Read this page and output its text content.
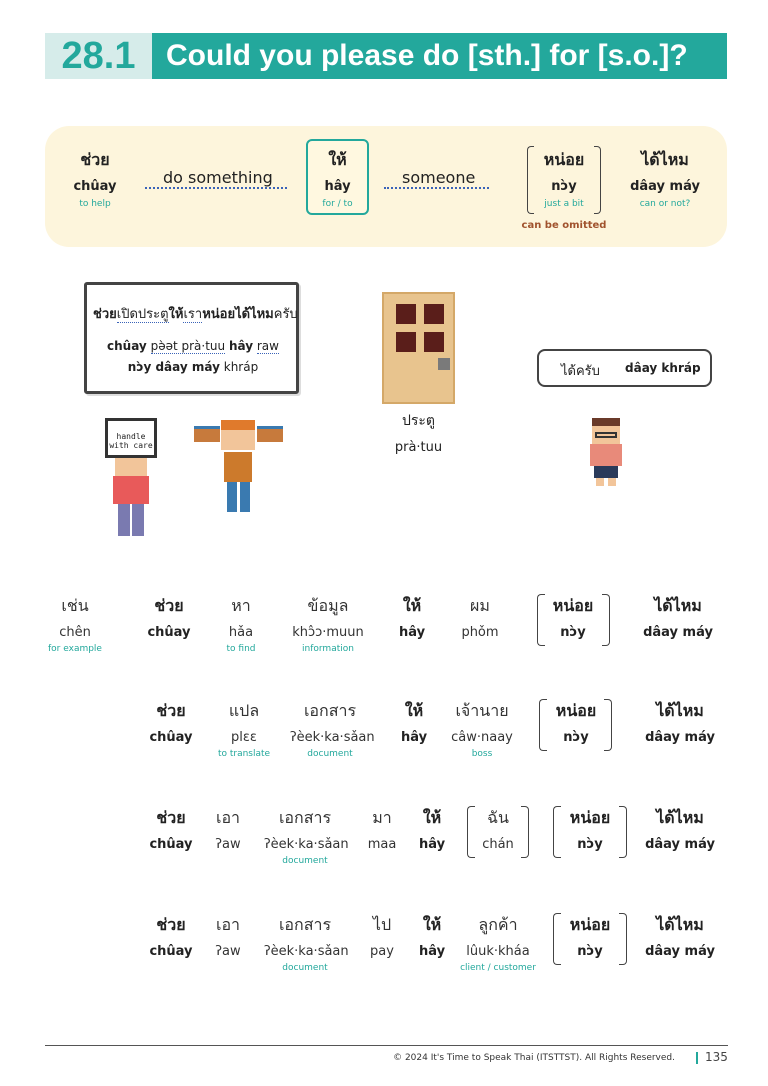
28.1	Could you please do [sth.] for [s.o.]?
ช่วย
chûay
to help
do something
ให้
hây
for / to
someone
หน่อย
nɔ̀y
just a bit
can be omitted
ได้ไหม
dâay máy
can or not?
ช่วยเปิดประตูให้เราหน่อยได้ไหมครับ
chûay pə̀ət prà·tuu hây raw
nɔ̀y dâay máy khráp
ประตู
prà·tuu
ได้ครับ dâay khráp
handle with care
เช่น
chên
for example
ช่วย
chûay
หา
hǎa
to find
ข้อมูล
khɔ̂ɔ·muun
information
ให้
hây
ผม
phǒm
หน่อย
nɔ̀y
ได้ไหม
dâay máy
ช่วย
chûay
แปล
plɛɛ
to translate
เอกสาร
ʔèek·ka·sǎan
document
ให้
hây
เจ้านาย
câw·naay
boss
หน่อย
nɔ̀y
ได้ไหม
dâay máy
ช่วย
chûay
เอา
ʔaw
เอกสาร
ʔèek·ka·sǎan
document
มา
maa
ให้
hây
ฉัน
chán
หน่อย
nɔ̀y
ได้ไหม
dâay máy
ช่วย
chûay
เอา
ʔaw
เอกสาร
ʔèek·ka·sǎan
document
ไป
pay
ให้
hây
ลูกค้า
lûuk·kháa
client / customer
หน่อย
nɔ̀y
ได้ไหม
dâay máy
© 2024 It's Time to Speak Thai (ITSTTST). All Rights Reserved.	135
